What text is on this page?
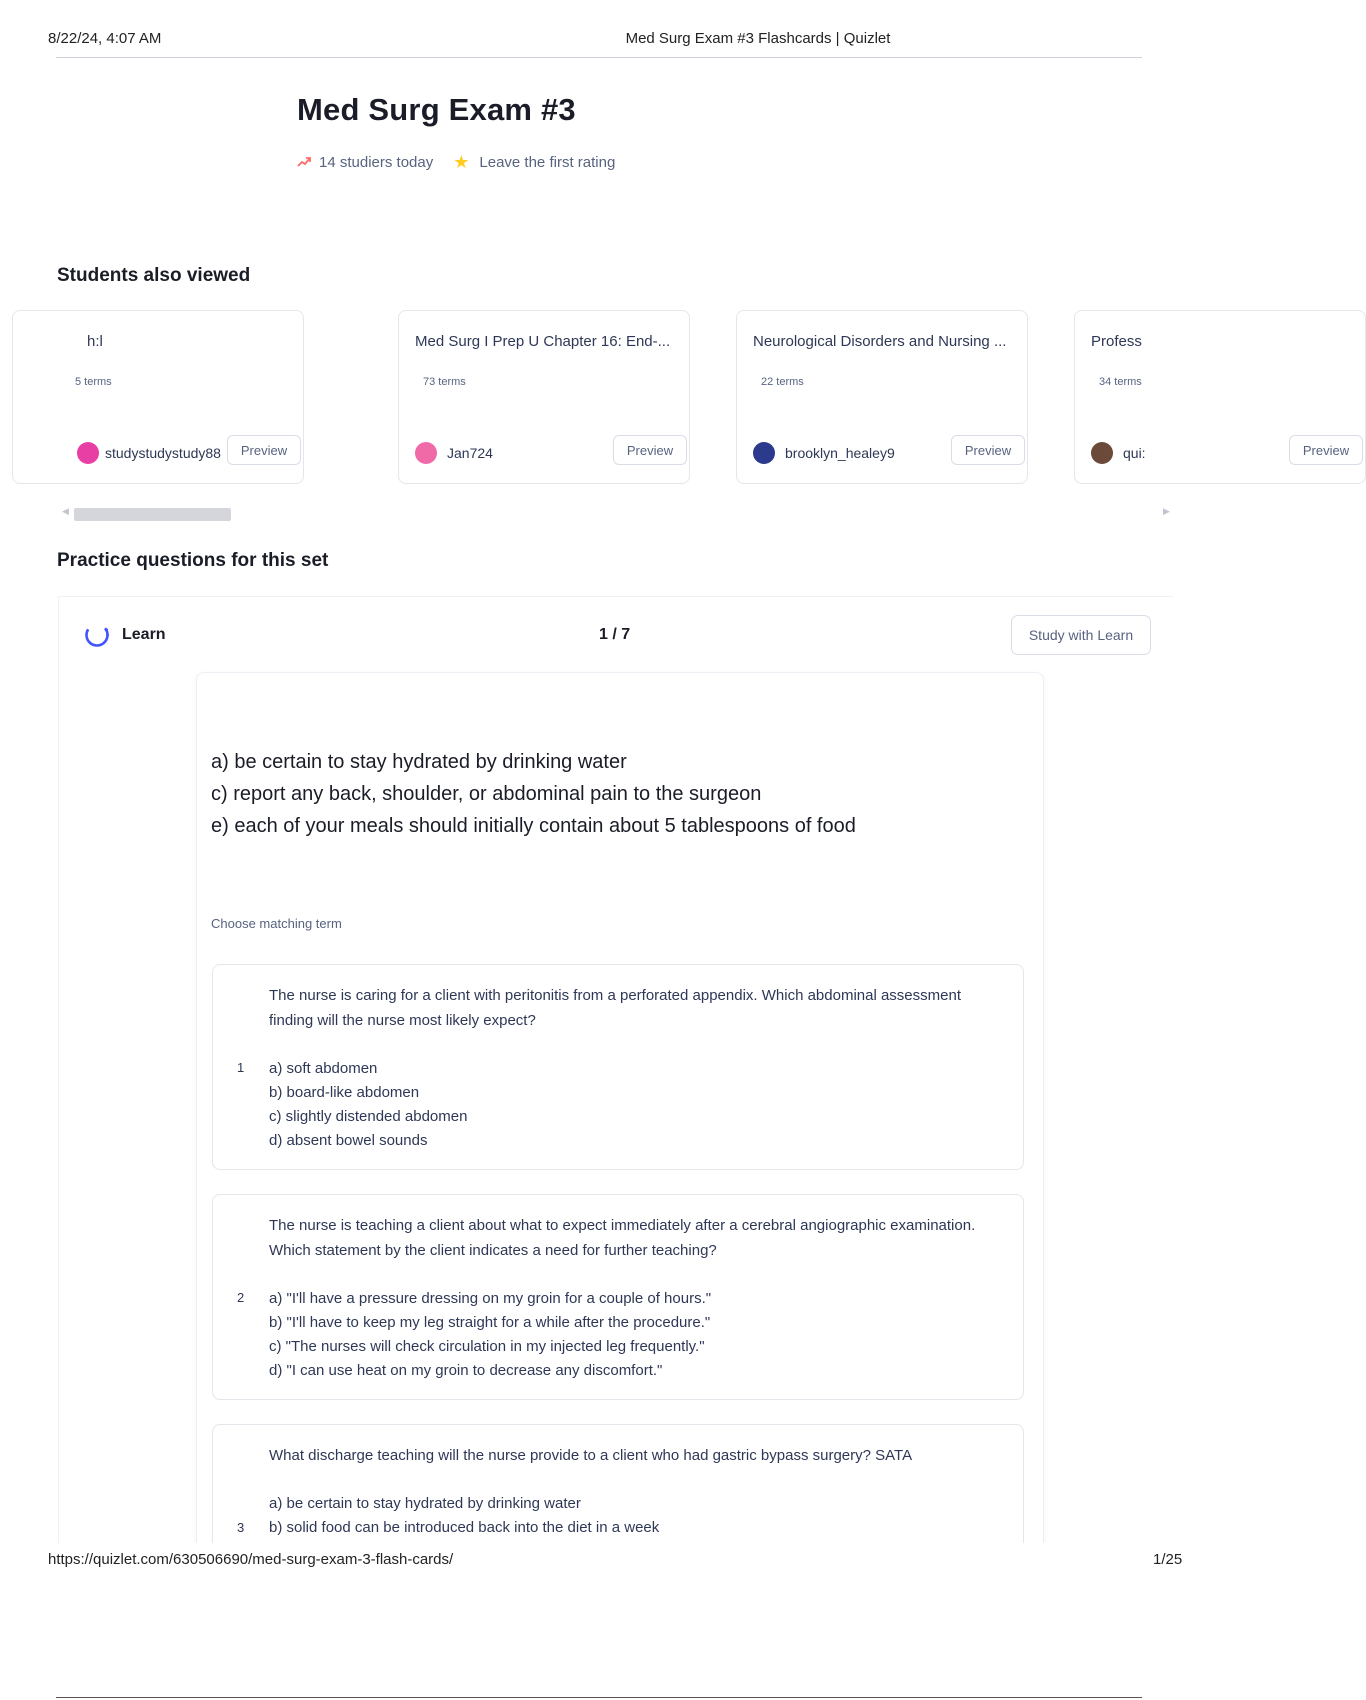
8/22/24, 4:07 AM	Med Surg Exam #3 Flashcards | Quizlet
Med Surg Exam #3
14 studiers today ★ Leave the first rating
Students also viewed
h:l
5 terms
studystudystudy88	Preview
Med Surg I Prep U Chapter 16: End-...
73 terms
Jan724	Preview
Neurological Disorders and Nursing ...
22 terms
brooklyn_healey9	Preview
Profess
34 terms
qui:	Preview
◀	▶
Practice questions for this set
Learn	1 / 7	Study with Learn
a) be certain to stay hydrated by drinking water
c) report any back, shoulder, or abdominal pain to the surgeon
e) each of your meals should initially contain about 5 tablespoons of food
Choose matching term
1
The nurse is caring for a client with peritonitis from a perforated appendix. Which abdominal assessment finding will the nurse most likely expect?
a) soft abdomen
b) board-like abdomen
c) slightly distended abdomen
d) absent bowel sounds
2
The nurse is teaching a client about what to expect immediately after a cerebral angiographic examination. Which statement by the client indicates a need for further teaching?
a) "I'll have a pressure dressing on my groin for a couple of hours."
b) "I'll have to keep my leg straight for a while after the procedure."
c) "The nurses will check circulation in my injected leg frequently."
d) "I can use heat on my groin to decrease any discomfort."
3
What discharge teaching will the nurse provide to a client who had gastric bypass surgery? SATA
a) be certain to stay hydrated by drinking water
b) solid food can be introduced back into the diet in a week
https://quizlet.com/630506690/med-surg-exam-3-flash-cards/	1/25
